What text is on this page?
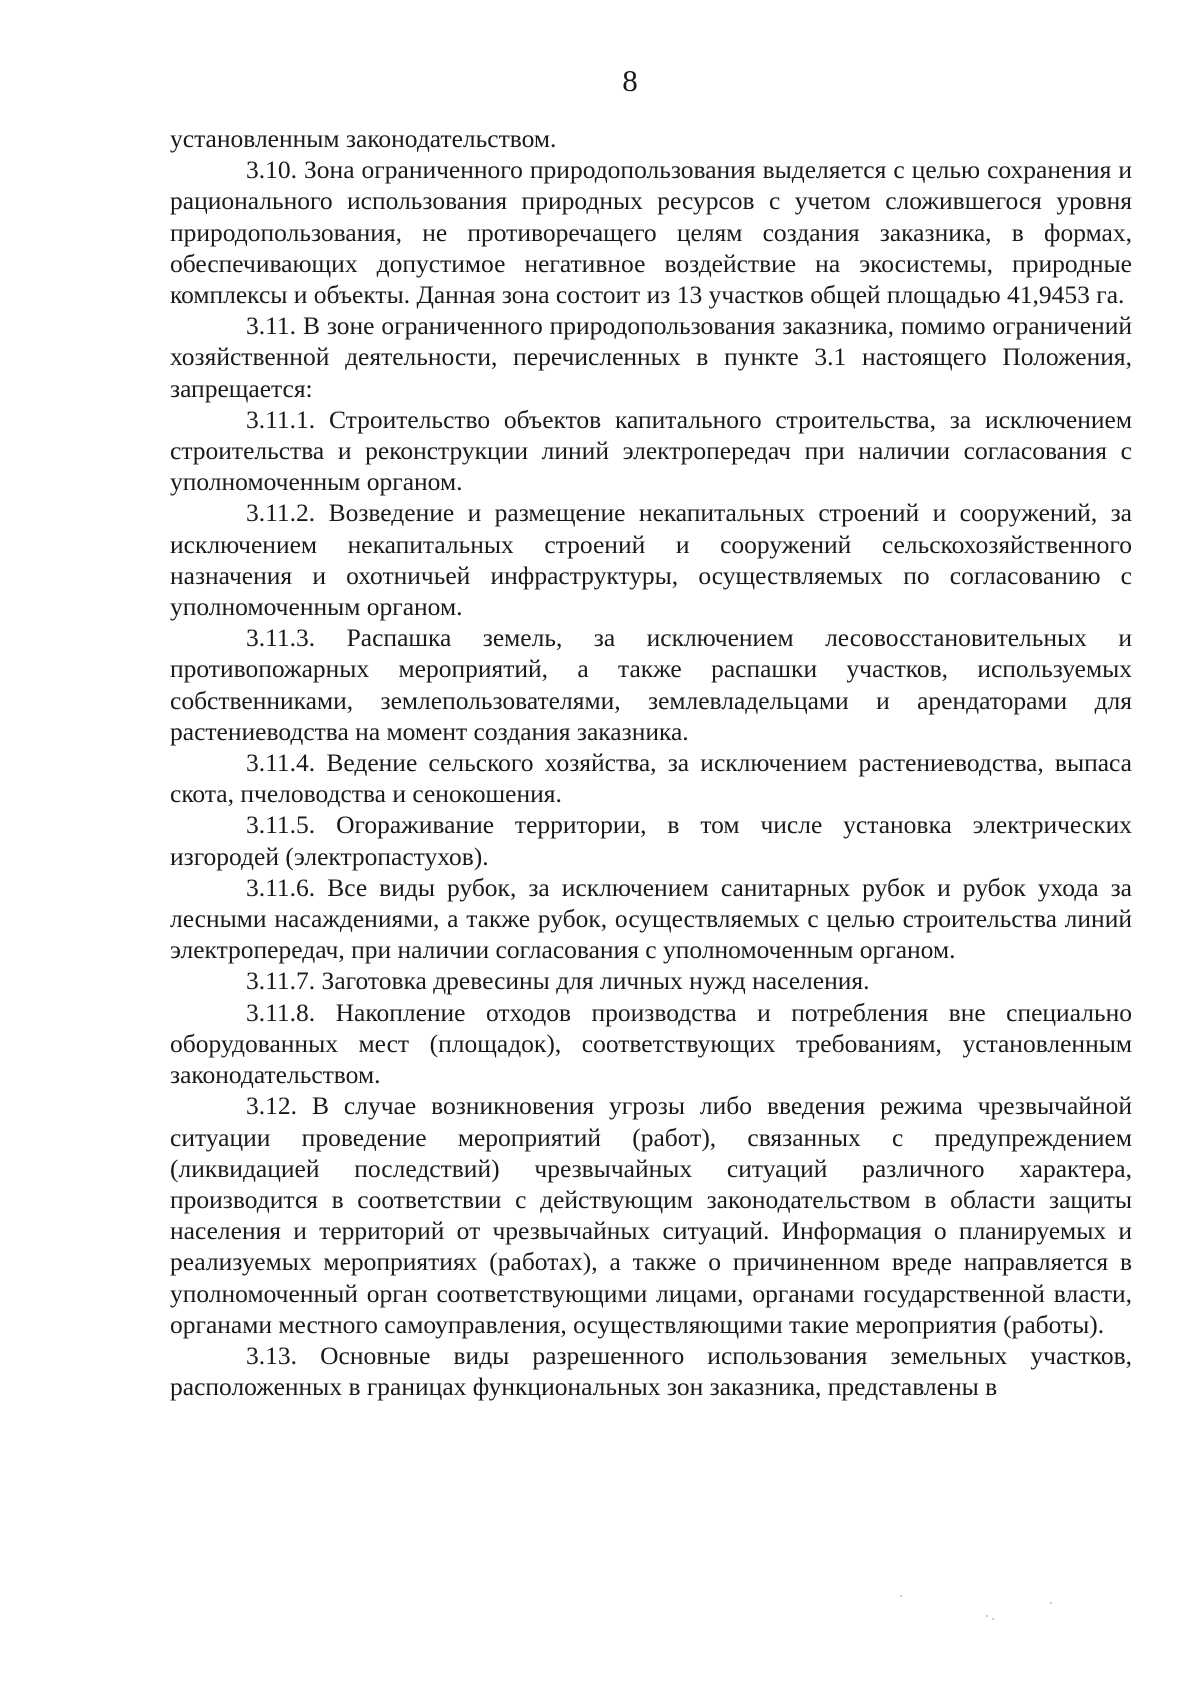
8

установленным законодательством.

3.10. Зона ограниченного природопользования выделяется с целью сохранения и рационального использования природных ресурсов с учетом сложившегося уровня природопользования, не противоречащего целям создания заказника, в формах, обеспечивающих допустимое негативное воздействие на экосистемы, природные комплексы и объекты. Данная зона состоит из 13 участков общей площадью 41,9453 га.

3.11. В зоне ограниченного природопользования заказника, помимо ограничений хозяйственной деятельности, перечисленных в пункте 3.1 настоящего Положения, запрещается:

3.11.1. Строительство объектов капитального строительства, за исключением строительства и реконструкции линий электропередач при наличии согласования с уполномоченным органом.

3.11.2. Возведение и размещение некапитальных строений и сооружений, за исключением некапитальных строений и сооружений сельскохозяйственного назначения и охотничьей инфраструктуры, осуществляемых по согласованию с уполномоченным органом.

3.11.3. Распашка земель, за исключением лесовосстановительных и противопожарных мероприятий, а также распашки участков, используемых собственниками, землепользователями, землевладельцами и арендаторами для растениеводства на момент создания заказника.

3.11.4. Ведение сельского хозяйства, за исключением растениеводства, выпаса скота, пчеловодства и сенокошения.

3.11.5. Огораживание территории, в том числе установка электрических изгородей (электропастухов).

3.11.6. Все виды рубок, за исключением санитарных рубок и рубок ухода за лесными насаждениями, а также рубок, осуществляемых с целью строительства линий электропередач, при наличии согласования с уполномоченным органом.

3.11.7. Заготовка древесины для личных нужд населения.

3.11.8. Накопление отходов производства и потребления вне специально оборудованных мест (площадок), соответствующих требованиям, установленным законодательством.

3.12. В случае возникновения угрозы либо введения режима чрезвычайной ситуации проведение мероприятий (работ), связанных с предупреждением (ликвидацией последствий) чрезвычайных ситуаций различного характера, производится в соответствии с действующим законодательством в области защиты населения и территорий от чрезвычайных ситуаций. Информация о планируемых и реализуемых мероприятиях (работах), а также о причиненном вреде направляется в уполномоченный орган соответствующими лицами, органами государственной власти, органами местного самоуправления, осуществляющими такие мероприятия (работы).

3.13. Основные виды разрешенного использования земельных участков, расположенных в границах функциональных зон заказника, представлены в
